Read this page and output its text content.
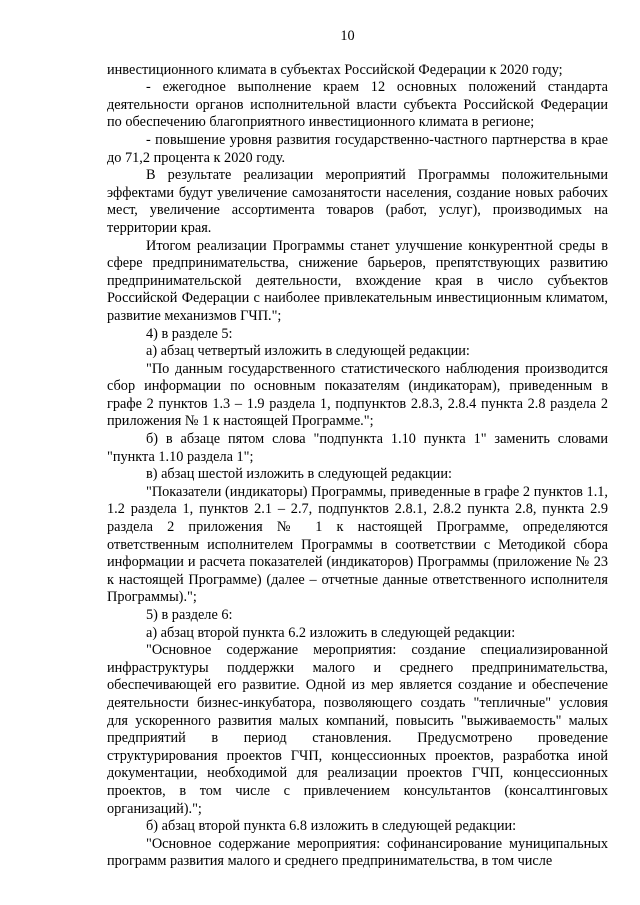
10

инвестиционного климата в субъектах Российской Федерации к 2020 году;

- ежегодное выполнение краем 12 основных положений стандарта деятельности органов исполнительной власти субъекта Российской Федерации по обеспечению благоприятного инвестиционного климата в регионе;

- повышение уровня развития государственно-частного партнерства в крае до 71,2 процента к 2020 году.

В результате реализации мероприятий Программы положительными эффектами будут увеличение самозанятости населения, создание новых рабочих мест, увеличение ассортимента товаров (работ, услуг), производимых на территории края.

Итогом реализации Программы станет улучшение конкурентной среды в сфере предпринимательства, снижение барьеров, препятствующих развитию предпринимательской деятельности, вхождение края в число субъектов Российской Федерации с наиболее привлекательным инвестиционным климатом, развитие механизмов ГЧП.";

4) в разделе 5:

а) абзац четвертый изложить в следующей редакции:

"По данным государственного статистического наблюдения производится сбор информации по основным показателям (индикаторам), приведенным в графе 2 пунктов 1.3 – 1.9 раздела 1, подпунктов 2.8.3, 2.8.4 пункта 2.8 раздела 2 приложения № 1 к настоящей Программе.";

б) в абзаце пятом слова "подпункта 1.10 пункта 1" заменить словами "пункта 1.10 раздела 1";

в) абзац шестой изложить в следующей редакции:

"Показатели (индикаторы) Программы, приведенные в графе 2 пунктов 1.1, 1.2 раздела 1, пунктов 2.1 – 2.7, подпунктов 2.8.1, 2.8.2 пункта 2.8, пункта 2.9 раздела 2 приложения № 1 к настоящей Программе, определяются ответственным исполнителем Программы в соответствии с Методикой сбора информации и расчета показателей (индикаторов) Программы (приложение № 23 к настоящей Программе) (далее – отчетные данные ответственного исполнителя Программы).";

5) в разделе 6:

а) абзац второй пункта 6.2 изложить в следующей редакции:

"Основное содержание мероприятия: создание специализированной инфраструктуры поддержки малого и среднего предпринимательства, обеспечивающей его развитие. Одной из мер является создание и обеспечение деятельности бизнес-инкубатора, позволяющего создать "тепличные" условия для ускоренного развития малых компаний, повысить "выживаемость" малых предприятий в период становления. Предусмотрено проведение структурирования проектов ГЧП, концессионных проектов, разработка иной документации, необходимой для реализации проектов ГЧП, концессионных проектов, в том числе с привлечением консультантов (консалтинговых организаций).";

б) абзац второй пункта 6.8 изложить в следующей редакции:

"Основное содержание мероприятия: софинансирование муниципальных программ развития малого и среднего предпринимательства, в том числе
